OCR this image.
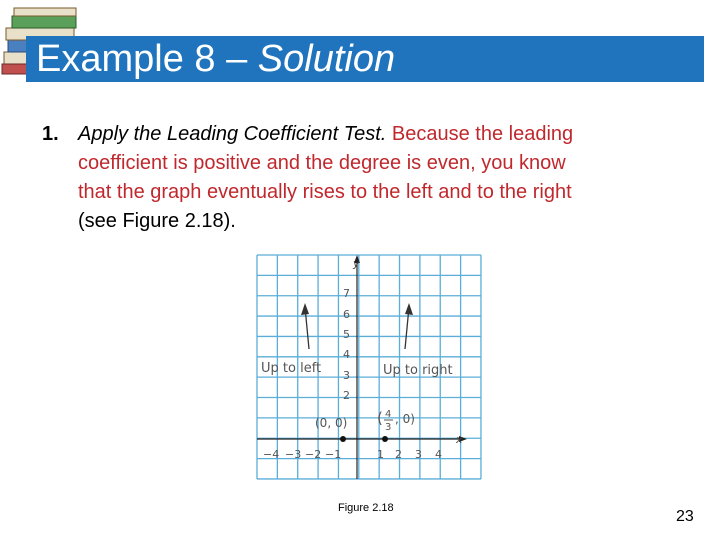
Example 8 – Solution
1. Apply the Leading Coefficient Test. Because the leading
coefficient is positive and the degree is even, you know
that the graph eventually rises to the left and to the right
(see Figure 2.18).
y
x
7
6
5
4
3
2
−4 −3 −2 −1	1 2 3 4
Up to left	Up to right
(0, 0) ( 4
3
, 0)
Figure 2.18	23
